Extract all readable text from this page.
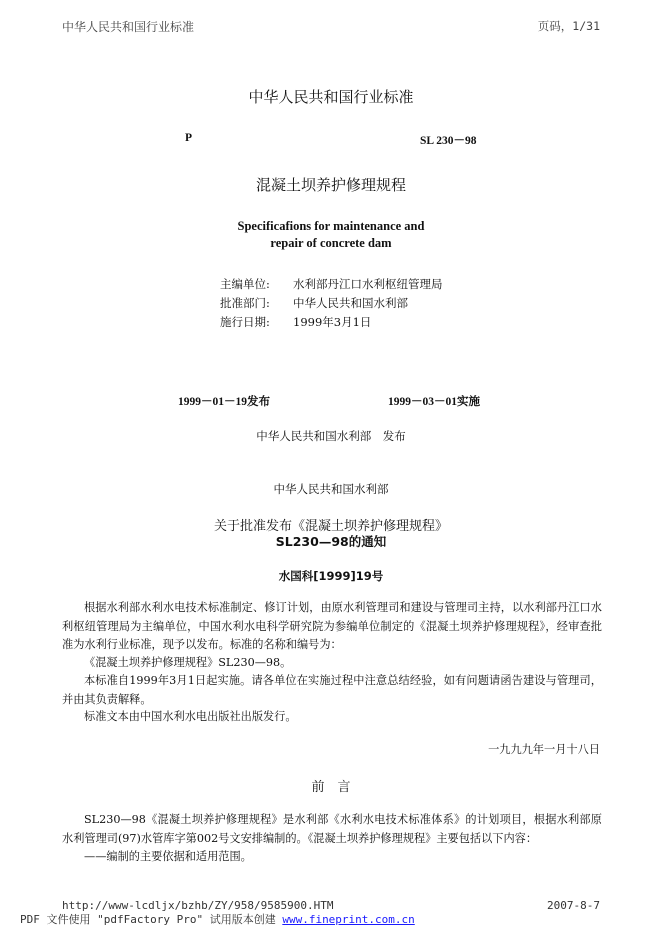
中华人民共和国行业标准	页码，1/31
中华人民共和国行业标准
P	SL 230－98
混凝土坝养护修理规程
Specificafions for maintenance and
repair of concrete dam
主编单位: 水利部丹江口水利枢纽管理局
批准部门: 中华人民共和国水利部
施行日期: 1999年3月1日
1999－01－19发布	1999－03－01实施
中华人民共和国水利部　发布
中华人民共和国水利部
关于批准发布《混凝土坝养护修理规程》
SL230—98的通知
水国科[1999]19号
根据水利部水利水电技术标准制定、修订计划，由原水利管理司和建设与管理司主持，以水利部丹江口水利枢纽管理局为主编单位，中国水利水电科学研究院为参编单位制定的《混凝土坝养护修理规程》，经审查批准为水利行业标准，现予以发布。标准的名称和编号为：
《混凝土坝养护修理规程》SL230—98。
本标准自1999年3月1日起实施。请各单位在实施过程中注意总结经验，如有问题请函告建设与管理司，并由其负责解释。
标准文本由中国水利水电出版社出版发行。
一九九九年一月十八日
前　言
SL230—98《混凝土坝养护修理规程》是水利部《水利水电技术标准体系》的计划项目，根据水利部原水利管理司(97)水管库字第002号文安排编制的。《混凝土坝养护修理规程》主要包括以下内容：
——编制的主要依据和适用范围。
http://www-lcdljx/bzhb/ZY/958/9585900.HTM	2007-8-7
PDF 文件使用 "pdfFactory Pro" 试用版本创建 www.fineprint.com.cn
